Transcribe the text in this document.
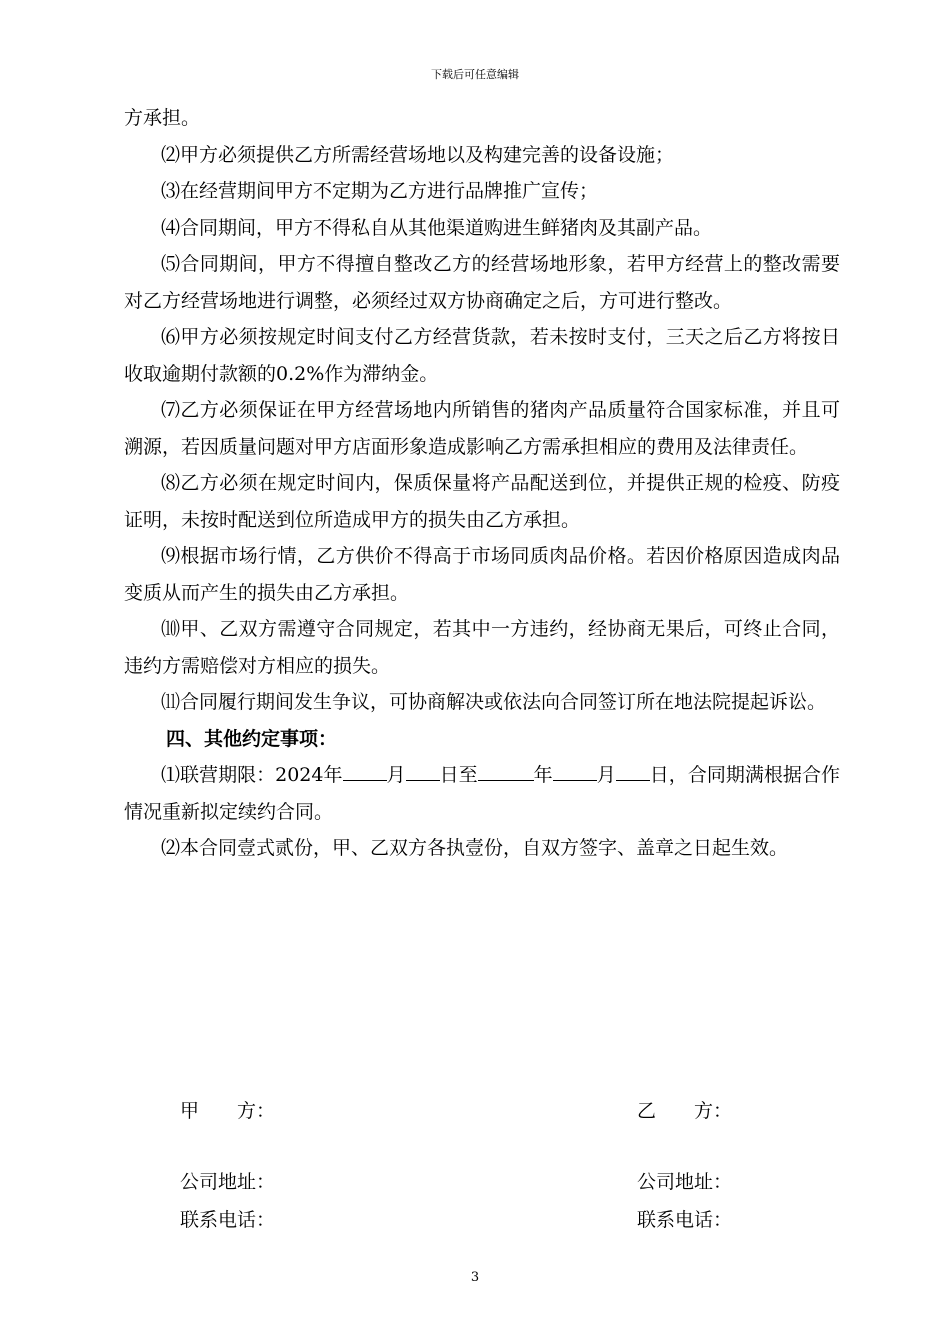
下载后可任意编辑

方承担。

⑵甲方必须提供乙方所需经营场地以及构建完善的设备设施；

⑶在经营期间甲方不定期为乙方进行品牌推广宣传；

⑷合同期间，甲方不得私自从其他渠道购进生鲜猪肉及其副产品。

⑸合同期间，甲方不得擅自整改乙方的经营场地形象，若甲方经营上的整改需要对乙方经营场地进行调整，必须经过双方协商确定之后，方可进行整改。

⑹甲方必须按规定时间支付乙方经营货款，若未按时支付，三天之后乙方将按日收取逾期付款额的0.2%作为滞纳金。

⑺乙方必须保证在甲方经营场地内所销售的猪肉产品质量符合国家标准，并且可溯源，若因质量问题对甲方店面形象造成影响乙方需承担相应的费用及法律责任。

⑻乙方必须在规定时间内，保质保量将产品配送到位，并提供正规的检疫、防疫证明，未按时配送到位所造成甲方的损失由乙方承担。

⑼根据市场行情，乙方供价不得高于市场同质肉品价格。若因价格原因造成肉品变质从而产生的损失由乙方承担。

⑽甲、乙双方需遵守合同规定，若其中一方违约，经协商无果后，可终止合同，违约方需赔偿对方相应的损失。

⑾合同履行期间发生争议，可协商解决或依法向合同签订所在地法院提起诉讼。

四、其他约定事项：

⑴联营期限：2024年 月 日至	年 月 日，合同期满根据合作情况重新拟定续约合同。

⑵本合同壹式贰份，甲、乙双方各执壹份，自双方签字、盖章之日起生效。

甲　　方：	乙　　方：
公司地址：	公司地址：
联系电话：	联系电话：
3
